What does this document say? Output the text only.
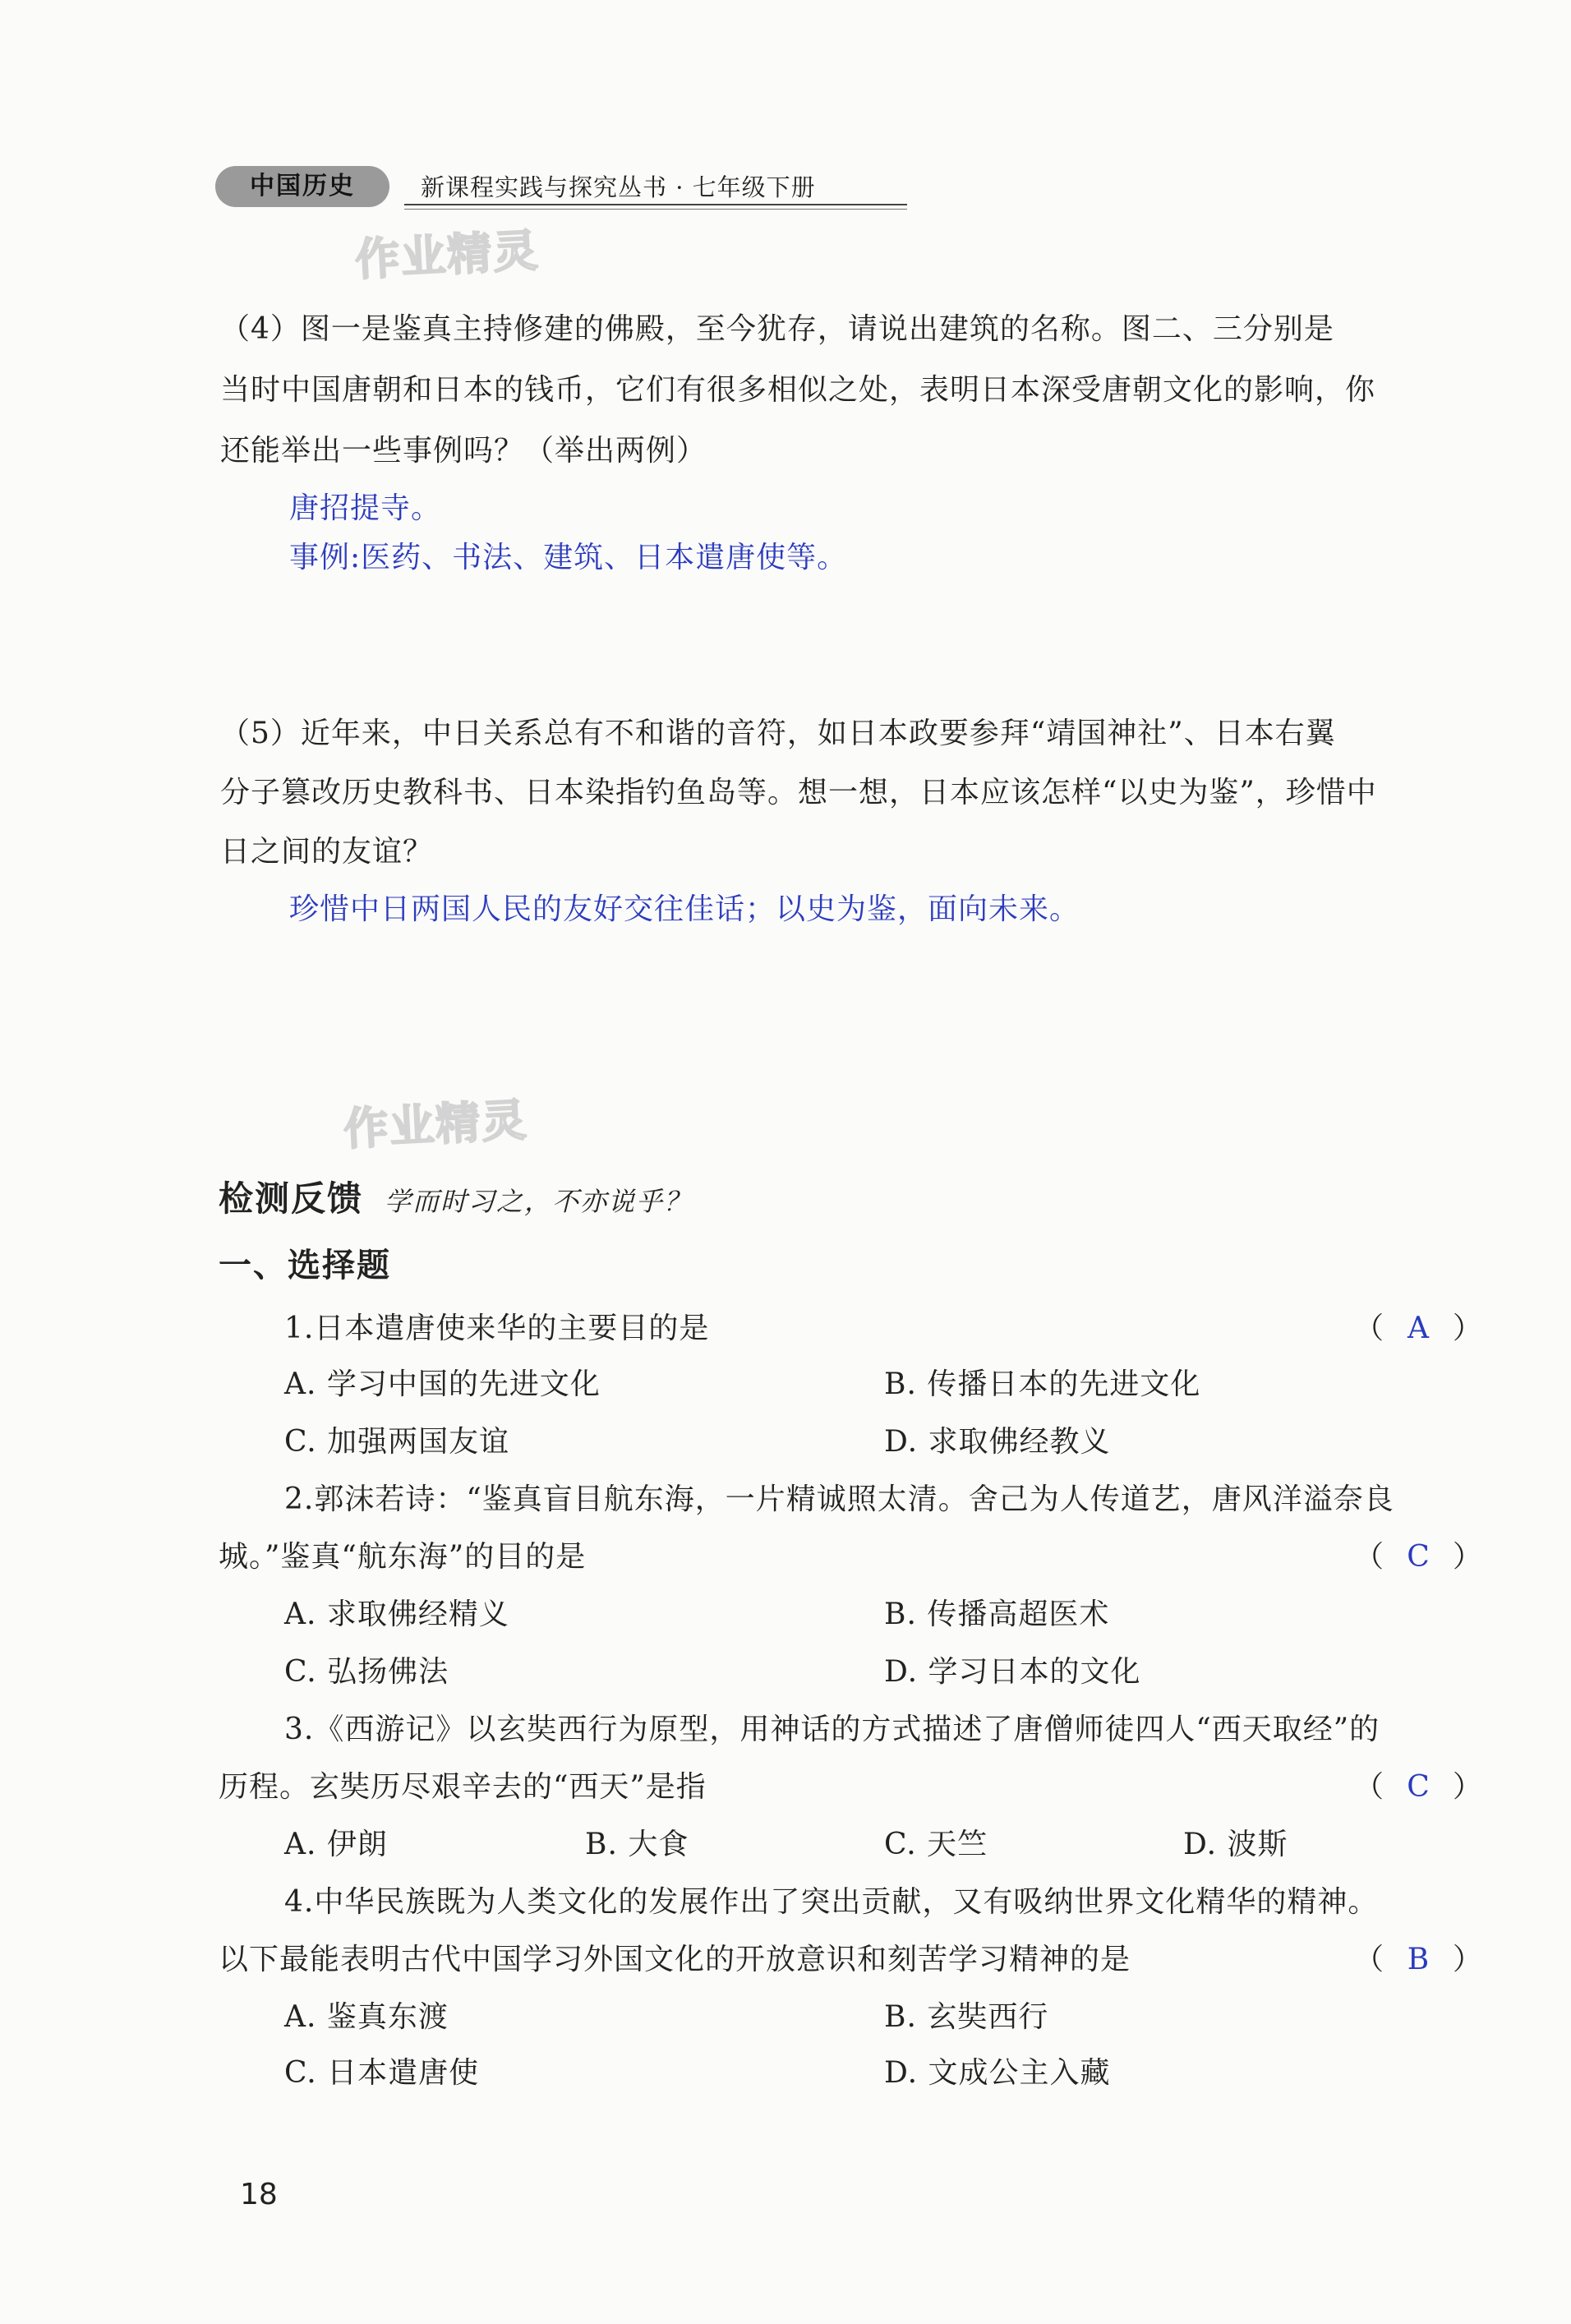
中国历史	新课程实践与探究丛书 · 七年级下册
作业精灵
（4）图一是鉴真主持修建的佛殿，至今犹存，请说出建筑的名称。图二、三分别是
当时中国唐朝和日本的钱币，它们有很多相似之处，表明日本深受唐朝文化的影响，你
还能举出一些事例吗？（举出两例）
唐招提寺。
事例:医药、书法、建筑、日本遣唐使等。
（5）近年来，中日关系总有不和谐的音符，如日本政要参拜“靖国神社”、日本右翼
分子篡改历史教科书、日本染指钓鱼岛等。想一想，日本应该怎样“以史为鉴”，珍惜中
日之间的友谊？
珍惜中日两国人民的友好交往佳话；以史为鉴，面向未来。
作业精灵
检测反馈 学而时习之，不亦说乎？
一、选择题
1.日本遣唐使来华的主要目的是	（ A ）
A. 学习中国的先进文化	B. 传播日本的先进文化
C. 加强两国友谊	D. 求取佛经教义
2.郭沫若诗：“鉴真盲目航东海，一片精诚照太清。舍己为人传道艺，唐风洋溢奈良
城。”鉴真“航东海”的目的是	（ C ）
A. 求取佛经精义	B. 传播高超医术
C. 弘扬佛法	D. 学习日本的文化
3.《西游记》以玄奘西行为原型，用神话的方式描述了唐僧师徒四人“西天取经”的
历程。玄奘历尽艰辛去的“西天”是指	（ C ）
A. 伊朗	B. 大食	C. 天竺	D. 波斯
4.中华民族既为人类文化的发展作出了突出贡献，又有吸纳世界文化精华的精神。
以下最能表明古代中国学习外国文化的开放意识和刻苦学习精神的是	（ B ）
A. 鉴真东渡	B. 玄奘西行
C. 日本遣唐使	D. 文成公主入藏
18
